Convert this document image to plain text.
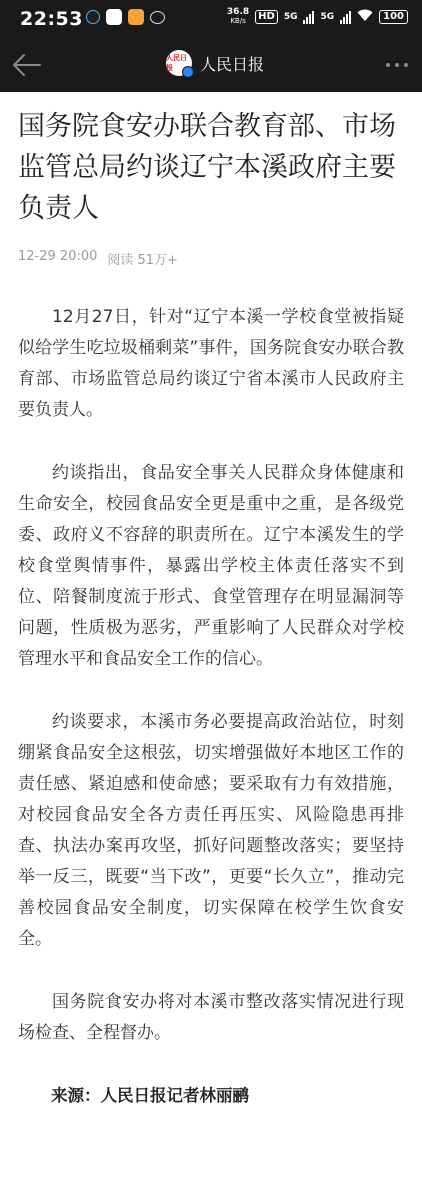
22:53	36.8
KB/s	HD	5G	5G	100
人民日报	人民日报
国务院食安办联合教育部、市场监管总局约谈辽宁本溪政府主要负责人
12-29 20:00 阅读 51万+

12月27日，针对“辽宁本溪一学校食堂被指疑似给学生吃垃圾桶剩菜”事件，国务院食安办联合教育部、市场监管总局约谈辽宁省本溪市人民政府主要负责人。

约谈指出，食品安全事关人民群众身体健康和生命安全，校园食品安全更是重中之重，是各级党委、政府义不容辞的职责所在。辽宁本溪发生的学校食堂舆情事件，暴露出学校主体责任落实不到位、陪餐制度流于形式、食堂管理存在明显漏洞等问题，性质极为恶劣，严重影响了人民群众对学校管理水平和食品安全工作的信心。

约谈要求，本溪市务必要提高政治站位，时刻绷紧食品安全这根弦，切实增强做好本地区工作的责任感、紧迫感和使命感；要采取有力有效措施，对校园食品安全各方责任再压实、风险隐患再排查、执法办案再攻坚，抓好问题整改落实；要坚持举一反三，既要“当下改”，更要“长久立”，推动完善校园食品安全制度，切实保障在校学生饮食安全。

国务院食安办将对本溪市整改落实情况进行现场检查、全程督办。

来源：人民日报记者林丽鹂
